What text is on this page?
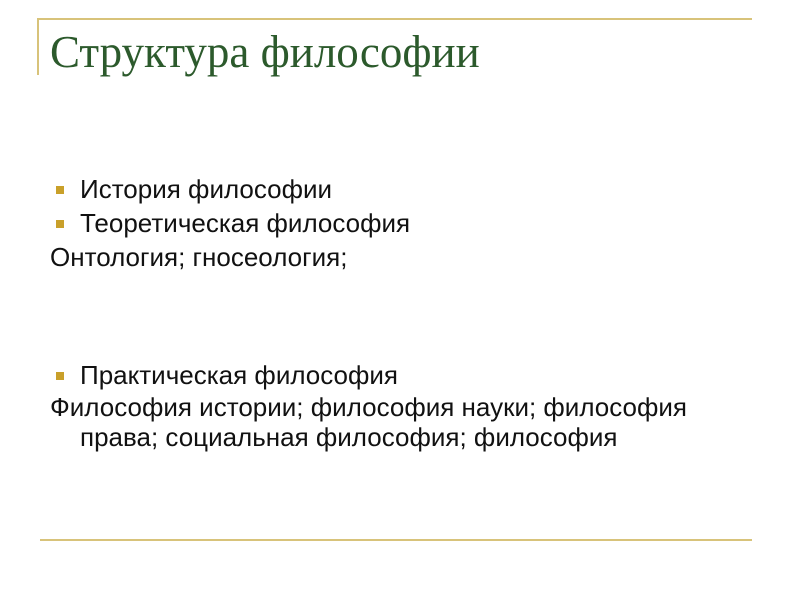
Структура философии
История философии
Теоретическая философия
Онтология; гносеология;
Практическая философия
Философия истории; философия науки; философия права; социальная философия; философия
